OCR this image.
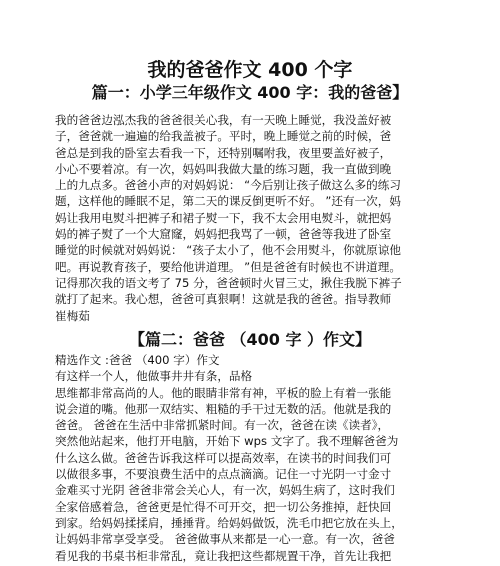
我的爸爸作文 400 个字
篇一：小学三年级作文 400 字：我的爸爸】
我的爸爸边泓杰我的爸爸很关心我，有一天晚上睡觉，我没盖好被
子，爸爸就一遍遍的给我盖被子。平时，晚上睡觉之前的时候，爸
爸总是到我的卧室去看我一下，还特别嘱咐我，夜里要盖好被子，
小心不要着凉。有一次，妈妈叫我做大量的练习题，我一直做到晚
上的九点多。爸爸小声的对妈妈说： “今后别让孩子做这么多的练习
题，这样他的睡眠不足，第二天的课反倒更听不好。 ”还有一次，妈
妈让我用电熨斗把裤子和裙子熨一下，我不太会用电熨斗，就把妈
妈的裤子熨了一个大窟窿，妈妈把我骂了一顿，爸爸等我进了卧室
睡觉的时候就对妈妈说： “孩子太小了，他不会用熨斗，你就原谅他
吧。再说教育孩子，要给他讲道理。 ”但是爸爸有时候也不讲道理。
记得那次我的语文考了 75 分，爸爸顿时火冒三丈，揪住我脱下裤子
就打了起来。我心想，爸爸可真狠啊！这就是我的爸爸。指导教师
崔梅茹
【篇二：爸爸 （400 字 ）作文】
精选作文 :爸爸 （400 字）作文
有这样一个人，他做事井井有条，品格
思维都非常高尚的人。他的眼睛非常有神，平板的脸上有着一张能
说会道的嘴。他那一双结实、粗糙的手干过无数的活。他就是我的
爸爸。 爸爸在生活中非常抓紧时间。有一次，爸爸在读《读者》，
突然他站起来，他打开电脑，开始下 wps 文字了。我不理解爸爸为
什么这么做。爸爸告诉我这样可以提高效率，在读书的时间我们可
以做很多事，不要浪费生活中的点点滴滴。记住一寸光阴一寸金寸
金难买寸光阴 爸爸非常会关心人，有一次，妈妈生病了，这时我们
全家倍感着急，爸爸更是忙得不可开交，把一切公务推掉，赶快回
到家。给妈妈揉揉肩，捶捶背。给妈妈做饭，洗毛巾把它放在头上，
让妈妈非常享受享受。 爸爸做事从来都是一心一意。有一次，爸爸
看见我的书桌书柜非常乱，竟让我把这些都规置干净，首先让我把
